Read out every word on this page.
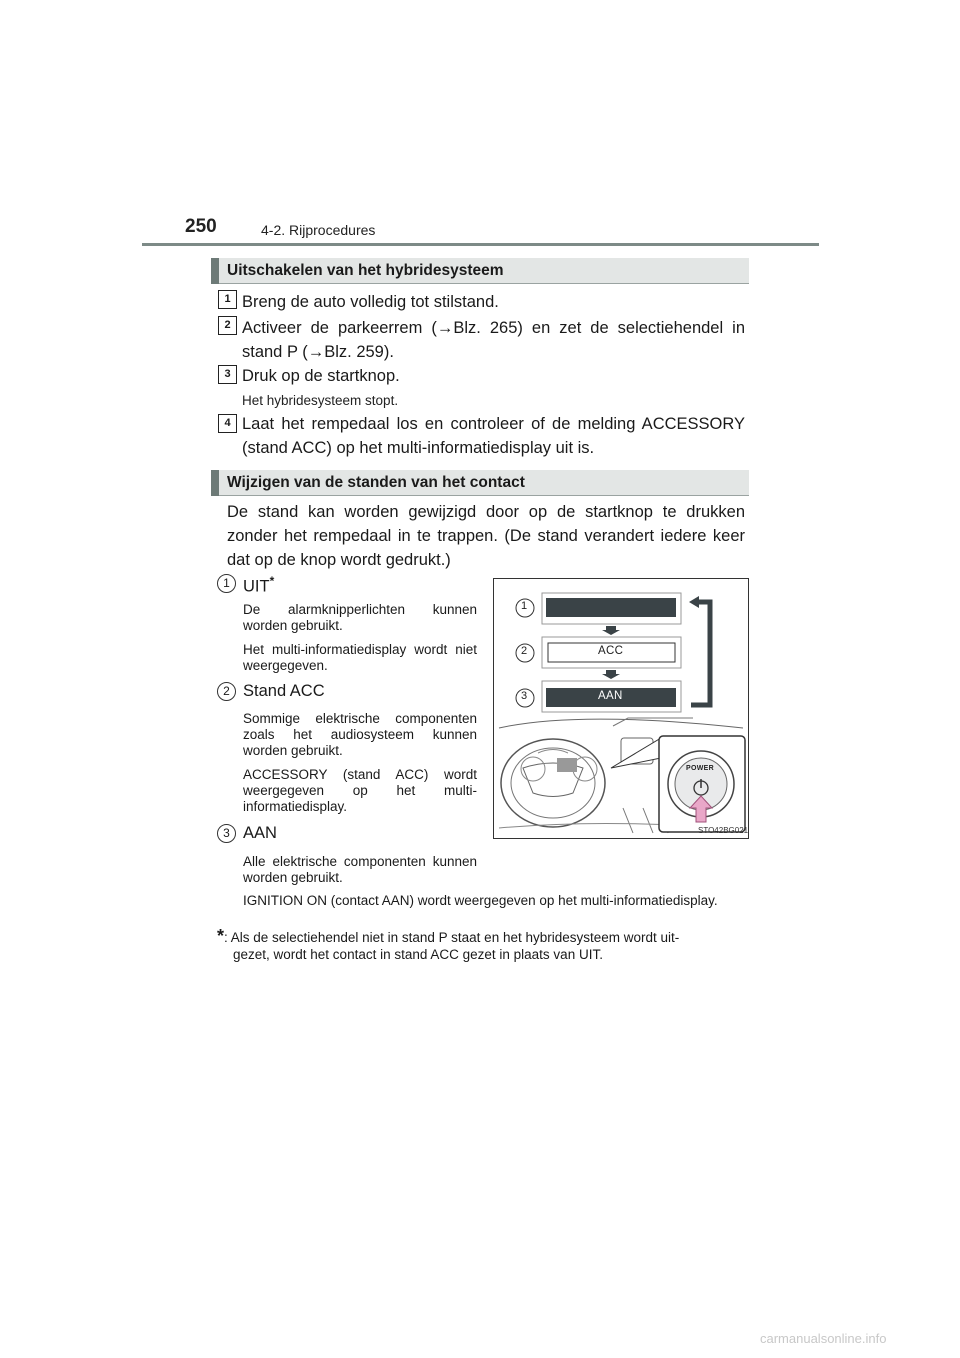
250	4-2. Rijprocedures
Uitschakelen van het hybridesysteem
1 Breng de auto volledig tot stilstand.
2 Activeer de parkeerrem (→Blz. 265) en zet de selectiehendel in stand P (→Blz. 259).
3 Druk op de startknop.
Het hybridesysteem stopt.
4 Laat het rempedaal los en controleer of de melding ACCESSORY (stand ACC) op het multi-informatiedisplay uit is.
Wijzigen van de standen van het contact
De stand kan worden gewijzigd door op de startknop te drukken zonder het rempedaal in te trappen. (De stand verandert iedere keer dat op de knop wordt gedrukt.)
1 UIT*
De alarmknipperlichten kunnen worden gebruikt.
Het multi-informatiedisplay wordt niet weergegeven.
2 Stand ACC
Sommige elektrische componenten zoals het audiosysteem kunnen worden gebruikt.
ACCESSORY (stand ACC) wordt weergegeven op het multi-informatiedisplay.
3 AAN
Alle elektrische componenten kunnen worden gebruikt.
IGNITION ON (contact AAN) wordt weergegeven op het multi-informatiedisplay.
1
2
3
ACC
AAN
POWER
STO42BG021
*: Als de selectiehendel niet in stand P staat en het hybridesysteem wordt uit-
gezet, wordt het contact in stand ACC gezet in plaats van UIT.
carmanualsonline.info
